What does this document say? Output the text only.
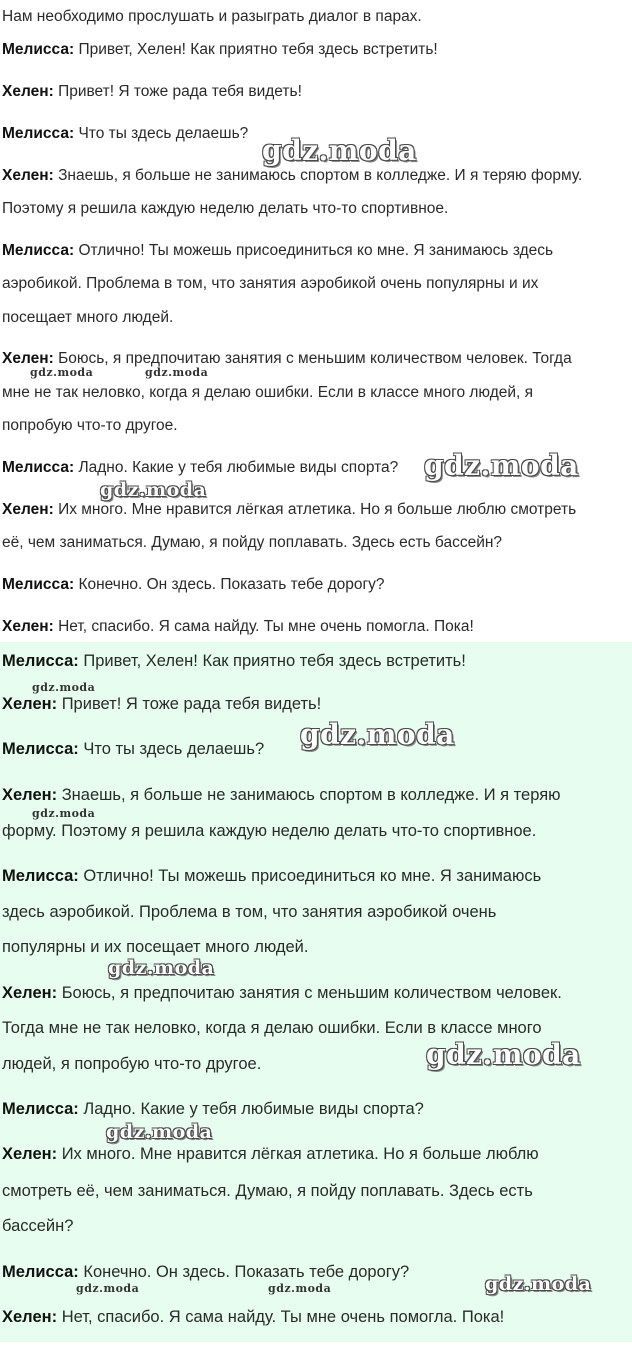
Нам необходимо прослушать и разыграть диалог в парах.
Мелисса: Привет, Хелен! Как приятно тебя здесь встретить!
Хелен: Привет! Я тоже рада тебя видеть!
Мелисса: Что ты здесь делаешь?
Хелен: Знаешь, я больше не занимаюсь спортом в колледже. И я теряю форму.
Поэтому я решила каждую неделю делать что-то спортивное.
Мелисса: Отлично! Ты можешь присоединиться ко мне. Я занимаюсь здесь
аэробикой. Проблема в том, что занятия аэробикой очень популярны и их
посещает много людей.
Хелен: Боюсь, я предпочитаю занятия с меньшим количеством человек. Тогда
мне не так неловко, когда я делаю ошибки. Если в классе много людей, я
попробую что-то другое.
Мелисса: Ладно. Какие у тебя любимые виды спорта?
Хелен: Их много. Мне нравится лёгкая атлетика. Но я больше люблю смотреть
её, чем заниматься. Думаю, я пойду поплавать. Здесь есть бассейн?
Мелисса: Конечно. Он здесь. Показать тебе дорогу?
Хелен: Нет, спасибо. Я сама найду. Ты мне очень помогла. Пока!
gdz.moda
gdz.moda	gdz.moda
gdz.moda
gdz.moda
Мелисса: Привет, Хелен! Как приятно тебя здесь встретить!
Хелен: Привет! Я тоже рада тебя видеть!
Мелисса: Что ты здесь делаешь?
Хелен: Знаешь, я больше не занимаюсь спортом в колледже. И я теряю
форму. Поэтому я решила каждую неделю делать что-то спортивное.
Мелисса: Отлично! Ты можешь присоединиться ко мне. Я занимаюсь
здесь аэробикой. Проблема в том, что занятия аэробикой очень
популярны и их посещает много людей.
Хелен: Боюсь, я предпочитаю занятия с меньшим количеством человек.
Тогда мне не так неловко, когда я делаю ошибки. Если в классе много
людей, я попробую что-то другое.
Мелисса: Ладно. Какие у тебя любимые виды спорта?
Хелен: Их много. Мне нравится лёгкая атлетика. Но я больше люблю
смотреть её, чем заниматься. Думаю, я пойду поплавать. Здесь есть
бассейн?
Мелисса: Конечно. Он здесь. Показать тебе дорогу?
Хелен: Нет, спасибо. Я сама найду. Ты мне очень помогла. Пока!
gdz.moda
gdz.moda
gdz.moda
gdz.moda
gdz.moda
gdz.moda
gdz.moda
gdz.moda	gdz.moda
